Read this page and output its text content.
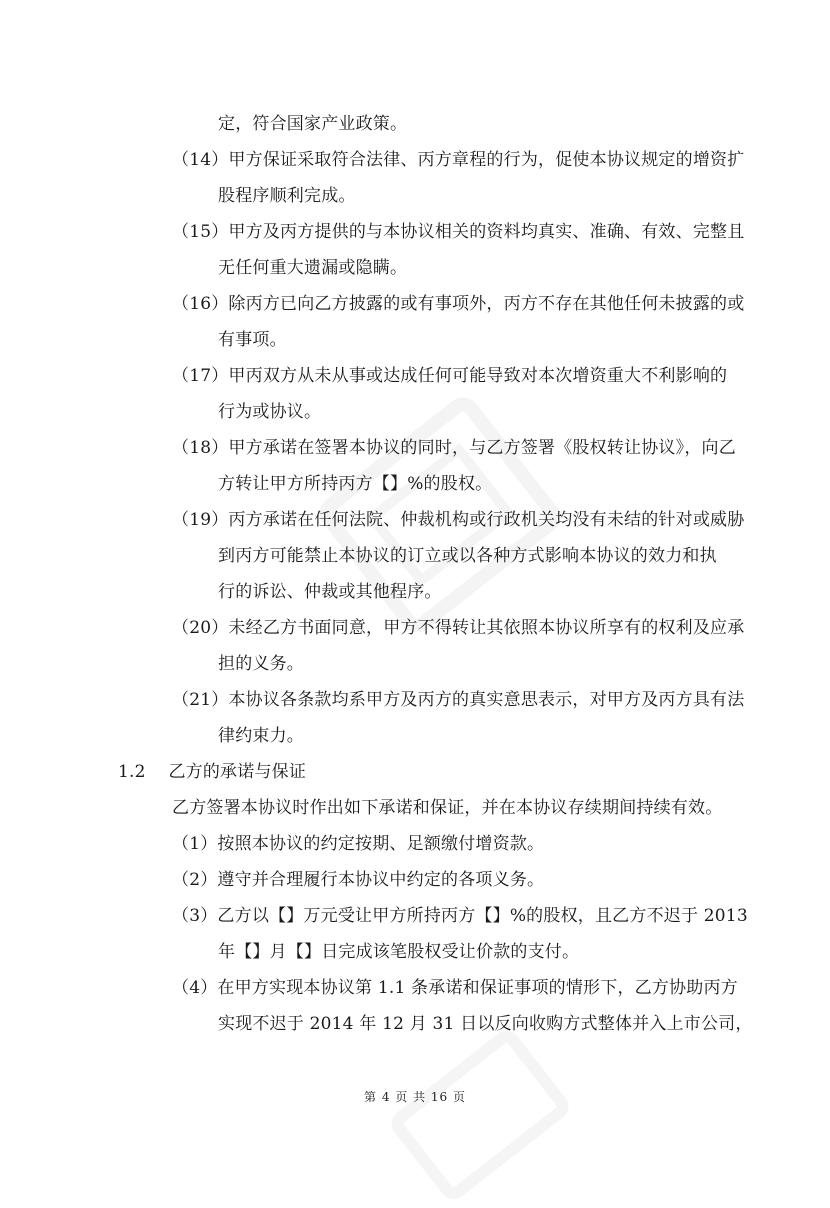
定，符合国家产业政策。
（14）甲方保证采取符合法律、丙方章程的行为，促使本协议规定的增资扩
股程序顺利完成。
（15）甲方及丙方提供的与本协议相关的资料均真实、准确、有效、完整且
无任何重大遗漏或隐瞒。
（16）除丙方已向乙方披露的或有事项外，丙方不存在其他任何未披露的或
有事项。
（17）甲丙双方从未从事或达成任何可能导致对本次增资重大不利影响的
行为或协议。
（18）甲方承诺在签署本协议的同时，与乙方签署《股权转让协议》，向乙
方转让甲方所持丙方【】%的股权。
（19）丙方承诺在任何法院、仲裁机构或行政机关均没有未结的针对或威胁
到丙方可能禁止本协议的订立或以各种方式影响本协议的效力和执
行的诉讼、仲裁或其他程序。
（20）未经乙方书面同意，甲方不得转让其依照本协议所享有的权利及应承
担的义务。
（21）本协议各条款均系甲方及丙方的真实意思表示，对甲方及丙方具有法
律约束力。
1.2　 乙方的承诺与保证
乙方签署本协议时作出如下承诺和保证，并在本协议存续期间持续有效。
（1）按照本协议的约定按期、足额缴付增资款。
（2）遵守并合理履行本协议中约定的各项义务。
（3）乙方以【】万元受让甲方所持丙方【】%的股权，且乙方不迟于 2013
年【】月【】日完成该笔股权受让价款的支付。
（4）在甲方实现本协议第 1.1 条承诺和保证事项的情形下，乙方协助丙方
实现不迟于 2014 年 12 月 31 日以反向收购方式整体并入上市公司，
第 4 页 共 16 页
